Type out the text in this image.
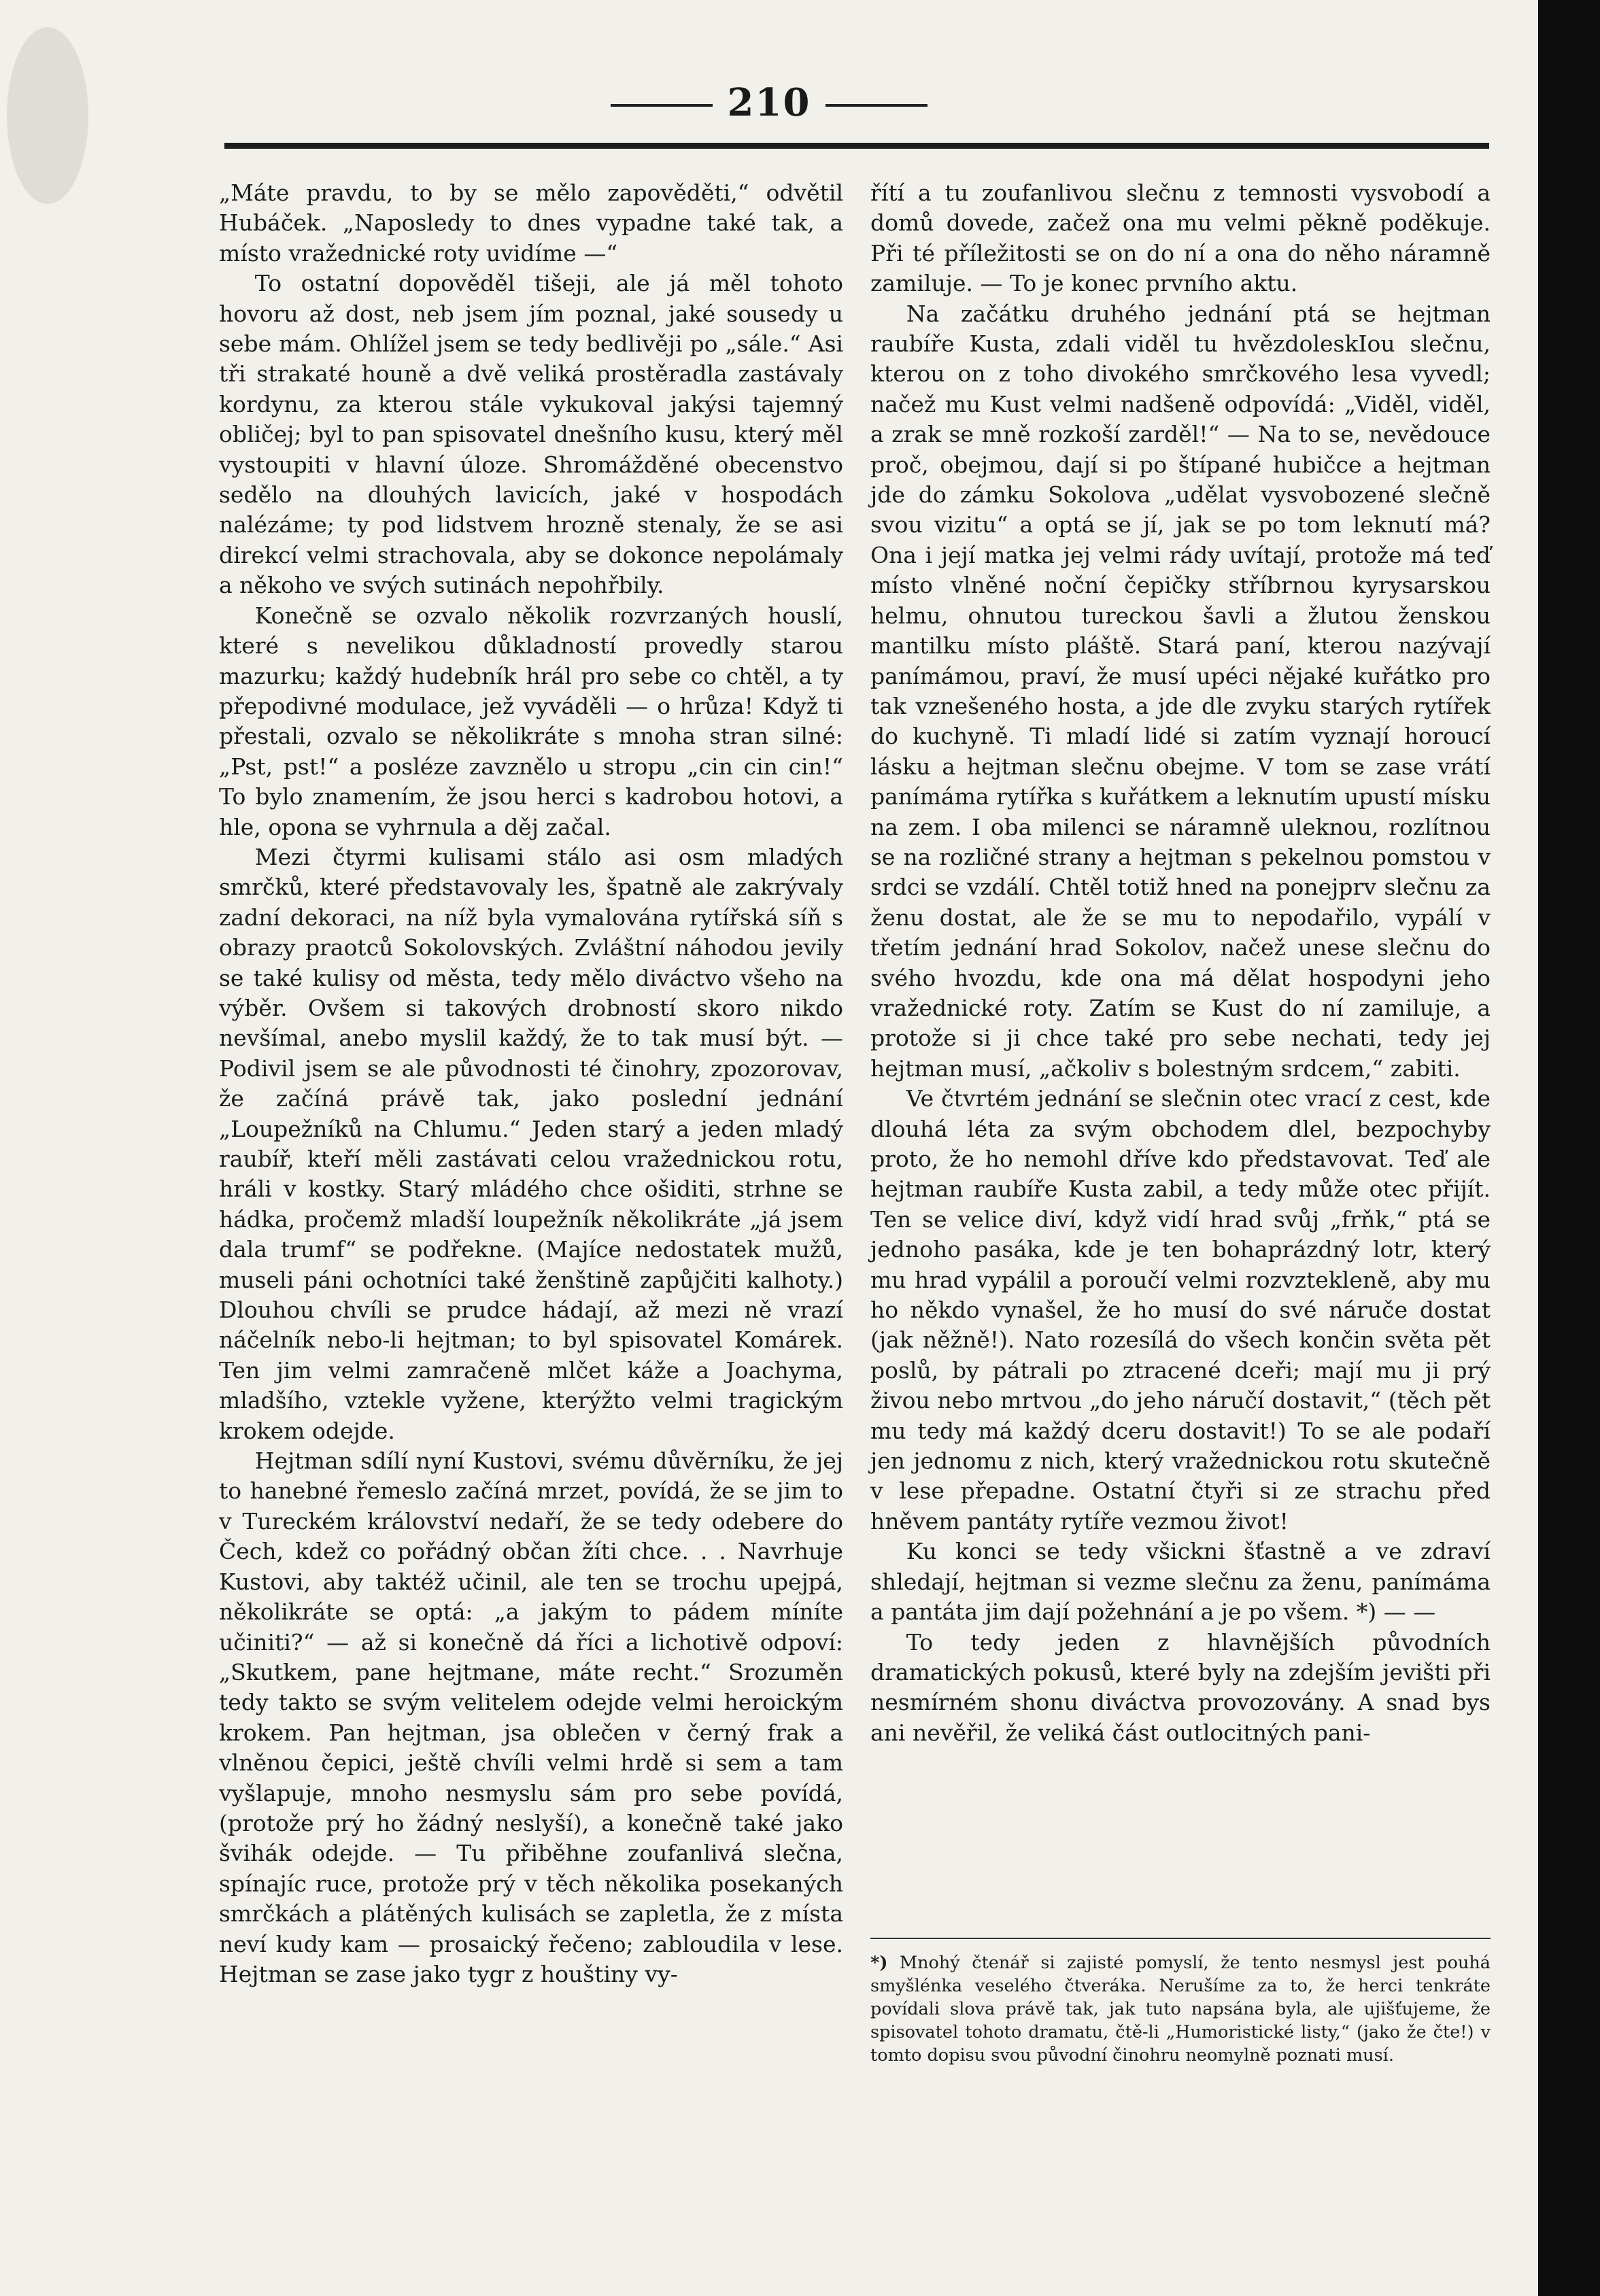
210

„Máte pravdu, to by se mělo zapověděti,“ odvětil Hubáček. „Naposledy to dnes vypadne také tak, a místo vražednické roty uvidíme —“

To ostatní dopověděl tišeji, ale já měl tohoto hovoru až dost, neb jsem jím poznal, jaké sousedy u sebe mám. Ohlížel jsem se tedy bedlivěji po „sále.“ Asi tři strakaté houně a dvě veliká prostěradla zastávaly kordynu, za kterou stále vykukoval jakýsi tajemný obličej; byl to pan spisovatel dnešního kusu, který měl vystoupiti v hlavní úloze. Shromážděné obecenstvo sedělo na dlouhých lavicích, jaké v hospodách nalézáme; ty pod lidstvem hrozně stenaly, že se asi direkcí velmi strachovala, aby se dokonce nepolámaly a někoho ve svých sutinách nepohřbily.

Konečně se ozvalo několik rozvrzaných houslí, které s nevelikou důkladností provedly starou mazurku; každý hudebník hrál pro sebe co chtěl, a ty přepodivné modulace, jež vyváděli — o hrůza! Když ti přestali, ozvalo se několikráte s mnoha stran silné: „Pst, pst!“ a posléze zavznělo u stropu „cin cin cin!“ To bylo znamením, že jsou herci s kadrobou hotovi, a hle, opona se vyhrnula a děj začal.

Mezi čtyrmi kulisami stálo asi osm mladých smrčků, které představovaly les, špatně ale zakrývaly zadní dekoraci, na níž byla vymalována rytířská síň s obrazy praotců Sokolovských. Zvláštní náhodou jevily se také kulisy od města, tedy mělo diváctvo všeho na výběr. Ovšem si takových drobností skoro nikdo nevšímal, anebo myslil každý, že to tak musí být. — Podivil jsem se ale původnosti té činohry, zpozorovav, že začíná právě tak, jako poslední jednání „Loupežníků na Chlumu.“ Jeden starý a jeden mladý raubíř, kteří měli zastávati celou vražednickou rotu, hráli v kostky. Starý mládého chce ošiditi, strhne se hádka, pročemž mladší loupežník několikráte „já jsem dala trumf“ se podřekne. (Majíce nedostatek mužů, museli páni ochotníci také ženštině zapůjčiti kalhoty.) Dlouhou chvíli se prudce hádají, až mezi ně vrazí náčelník nebo-li hejtman; to byl spisovatel Komárek. Ten jim velmi zamračeně mlčet káže a Joachyma, mladšího, vztekle vyžene, kterýžto velmi tragickým krokem odejde.

Hejtman sdílí nyní Kustovi, svému důvěrníku, že jej to hanebné řemeslo začíná mrzet, povídá, že se jim to v Tureckém království nedaří, že se tedy odebere do Čech, kdež co pořádný občan žíti chce. . . Navrhuje Kustovi, aby taktéž učinil, ale ten se trochu upejpá, několikráte se optá: „a jakým to pádem míníte učiniti?“ — až si konečně dá říci a lichotivě odpoví: „Skutkem, pane hejtmane, máte recht.“ Srozuměn tedy takto se svým velitelem odejde velmi heroickým krokem. Pan hejtman, jsa oblečen v černý frak a vlněnou čepici, ještě chvíli velmi hrdě si sem a tam vyšlapuje, mnoho nesmyslu sám pro sebe povídá, (protože prý ho žádný neslyší), a konečně také jako švihák odejde. — Tu přiběhne zoufanlivá slečna, spínajíc ruce, protože prý v těch několika posekaných smrčkách a plátěných kulisách se zapletla, že z místa neví kudy kam — prosaický řečeno; zabloudila v lese. Hejtman se zase jako tygr z houštiny vy-

řítí a tu zoufanlivou slečnu z temnosti vysvobodí a domů dovede, začež ona mu velmi pěkně poděkuje. Při té příležitosti se on do ní a ona do něho náramně zamiluje. — To je konec prvního aktu.

Na začátku druhého jednání ptá se hejtman raubíře Kusta, zdali viděl tu hvězdoleskIou slečnu, kterou on z toho divokého smrčkového lesa vyvedl; načež mu Kust velmi nadšeně odpovídá: „Viděl, viděl, a zrak se mně rozkoší zarděl!“ — Na to se, nevědouce proč, obejmou, dají si po štípané hubičce a hejtman jde do zámku Sokolova „udělat vysvobozené slečně svou vizitu“ a optá se jí, jak se po tom leknutí má? Ona i její matka jej velmi rády uvítají, protože má teď místo vlněné noční čepičky stříbrnou kyrysarskou helmu, ohnutou tureckou šavli a žlutou ženskou mantilku místo pláště. Stará paní, kterou nazývají panímámou, praví, že musí upéci nějaké kuřátko pro tak vznešeného hosta, a jde dle zvyku starých rytířek do kuchyně. Ti mladí lidé si zatím vyznají horoucí lásku a hejtman slečnu obejme. V tom se zase vrátí panímáma rytířka s kuřátkem a leknutím upustí mísku na zem. I oba milenci se náramně uleknou, rozlítnou se na rozličné strany a hejtman s pekelnou pomstou v srdci se vzdálí. Chtěl totiž hned na ponejprv slečnu za ženu dostat, ale že se mu to nepodařilo, vypálí v třetím jednání hrad Sokolov, načež unese slečnu do svého hvozdu, kde ona má dělat hospodyni jeho vražednické roty. Zatím se Kust do ní zamiluje, a protože si ji chce také pro sebe nechati, tedy jej hejtman musí, „ačkoliv s bolestným srdcem,“ zabiti.

Ve čtvrtém jednání se slečnin otec vrací z cest, kde dlouhá léta za svým obchodem dlel, bezpochyby proto, že ho nemohl dříve kdo představovat. Teď ale hejtman raubíře Kusta zabil, a tedy může otec přijít. Ten se velice diví, když vidí hrad svůj „frňk,“ ptá se jednoho pasáka, kde je ten bohaprázdný lotr, který mu hrad vypálil a poroučí velmi rozvztekleně, aby mu ho někdo vynašel, že ho musí do své náruče dostat (jak něžně!). Nato rozesílá do všech končin světa pět poslů, by pátrali po ztracené dceři; mají mu ji prý živou nebo mrtvou „do jeho náručí dostavit,“ (těch pět mu tedy má každý dceru dostavit!) To se ale podaří jen jednomu z nich, který vražednickou rotu skutečně v lese přepadne. Ostatní čtyři si ze strachu před hněvem pantáty rytíře vezmou život!

Ku konci se tedy všickni šťastně a ve zdraví shledají, hejtman si vezme slečnu za ženu, panímáma a pantáta jim dají požehnání a je po všem. *) — —

To tedy jeden z hlavnějších původních dramatických pokusů, které byly na zdejším jevišti při nesmírném shonu diváctva provozovány. A snad bys ani nevěřil, že veliká část outlocitných pani-

*) Mnohý čtenář si zajisté pomyslí, že tento nesmysl jest pouhá smyšlénka veselého čtveráka. Nerušíme za to, že herci tenkráte povídali slova právě tak, jak tuto napsána byla, ale ujišťujeme, že spisovatel tohoto dramatu, čtě-li „Humoristické listy,“ (jako že čte!) v tomto dopisu svou původní činohru neomylně poznati musí.
